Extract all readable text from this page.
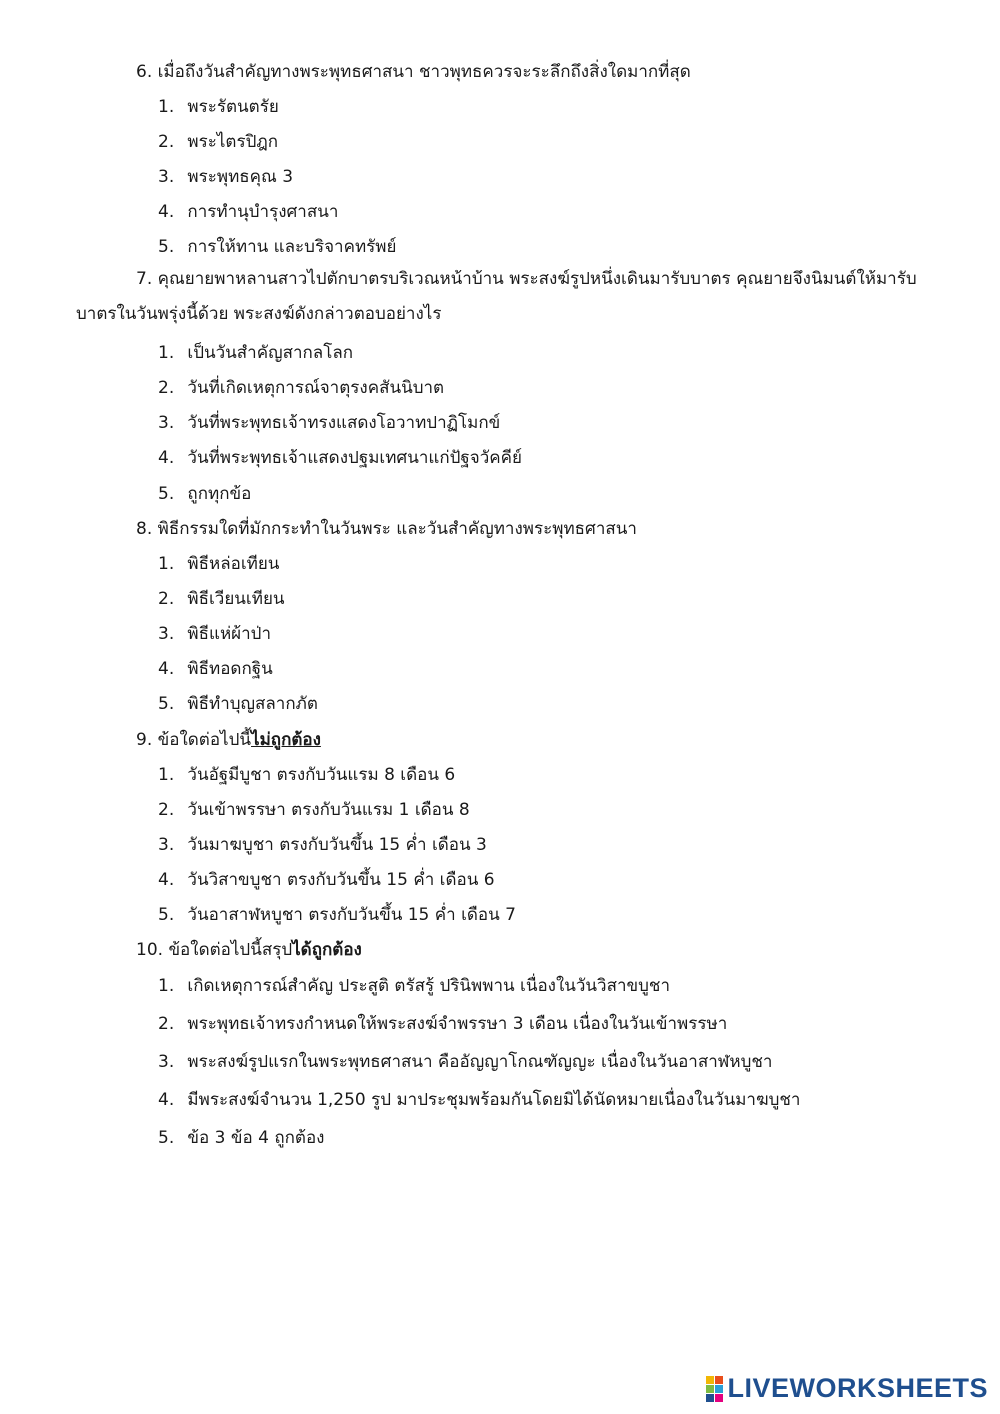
6. เมื่อถึงวันสำคัญทางพระพุทธศาสนา ชาวพุทธควรจะระลึกถึงสิ่งใดมากที่สุด
1. พระรัตนตรัย
2. พระไตรปิฎก
3. พระพุทธคุณ 3
4. การทำนุบำรุงศาสนา
5. การให้ทาน และบริจาคทรัพย์
7. คุณยายพาหลานสาวไปตักบาตรบริเวณหน้าบ้าน พระสงฆ์รูปหนึ่งเดินมารับบาตร คุณยายจึงนิมนต์ให้มารับบาตรในวันพรุ่งนี้ด้วย พระสงฆ์ดังกล่าวตอบอย่างไร
1. เป็นวันสำคัญสากลโลก
2. วันที่เกิดเหตุการณ์จาตุรงคสันนิบาต
3. วันที่พระพุทธเจ้าทรงแสดงโอวาทปาฏิโมกข์
4. วันที่พระพุทธเจ้าแสดงปฐมเทศนาแก่ปัฐจวัคคีย์
5. ถูกทุกข้อ
8. พิธีกรรมใดที่มักกระทำในวันพระ และวันสำคัญทางพระพุทธศาสนา
1. พิธีหล่อเทียน
2. พิธีเวียนเทียน
3. พิธีแห่ผ้าป่า
4. พิธีทอดกฐิน
5. พิธีทำบุญสลากภัต
9. ข้อใดต่อไปนี้ไม่ถูกต้อง
1. วันอัฐมีบูชา ตรงกับวันแรม 8 เดือน 6
2. วันเข้าพรรษา ตรงกับวันแรม 1 เดือน 8
3. วันมาฆบูชา ตรงกับวันขึ้น 15 ค่ำ เดือน 3
4. วันวิสาขบูชา ตรงกับวันขึ้น 15 ค่ำ เดือน 6
5. วันอาสาฬหบูชา ตรงกับวันขึ้น 15 ค่ำ เดือน 7
10. ข้อใดต่อไปนี้สรุปได้ถูกต้อง
1. เกิดเหตุการณ์สำคัญ ประสูติ ตรัสรู้ ปรินิพพาน เนื่องในวันวิสาขบูชา
2. พระพุทธเจ้าทรงกำหนดให้พระสงฆ์จำพรรษา 3 เดือน เนื่องในวันเข้าพรรษา
3. พระสงฆ์รูปแรกในพระพุทธศาสนา คืออัญญาโกณฑัญญะ เนื่องในวันอาสาฬหบูชา
4. มีพระสงฆ์จำนวน 1,250 รูป มาประชุมพร้อมกันโดยมิได้นัดหมายเนื่องในวันมาฆบูชา
5. ข้อ 3 ข้อ 4 ถูกต้อง
LIVEWORKSHEETS
